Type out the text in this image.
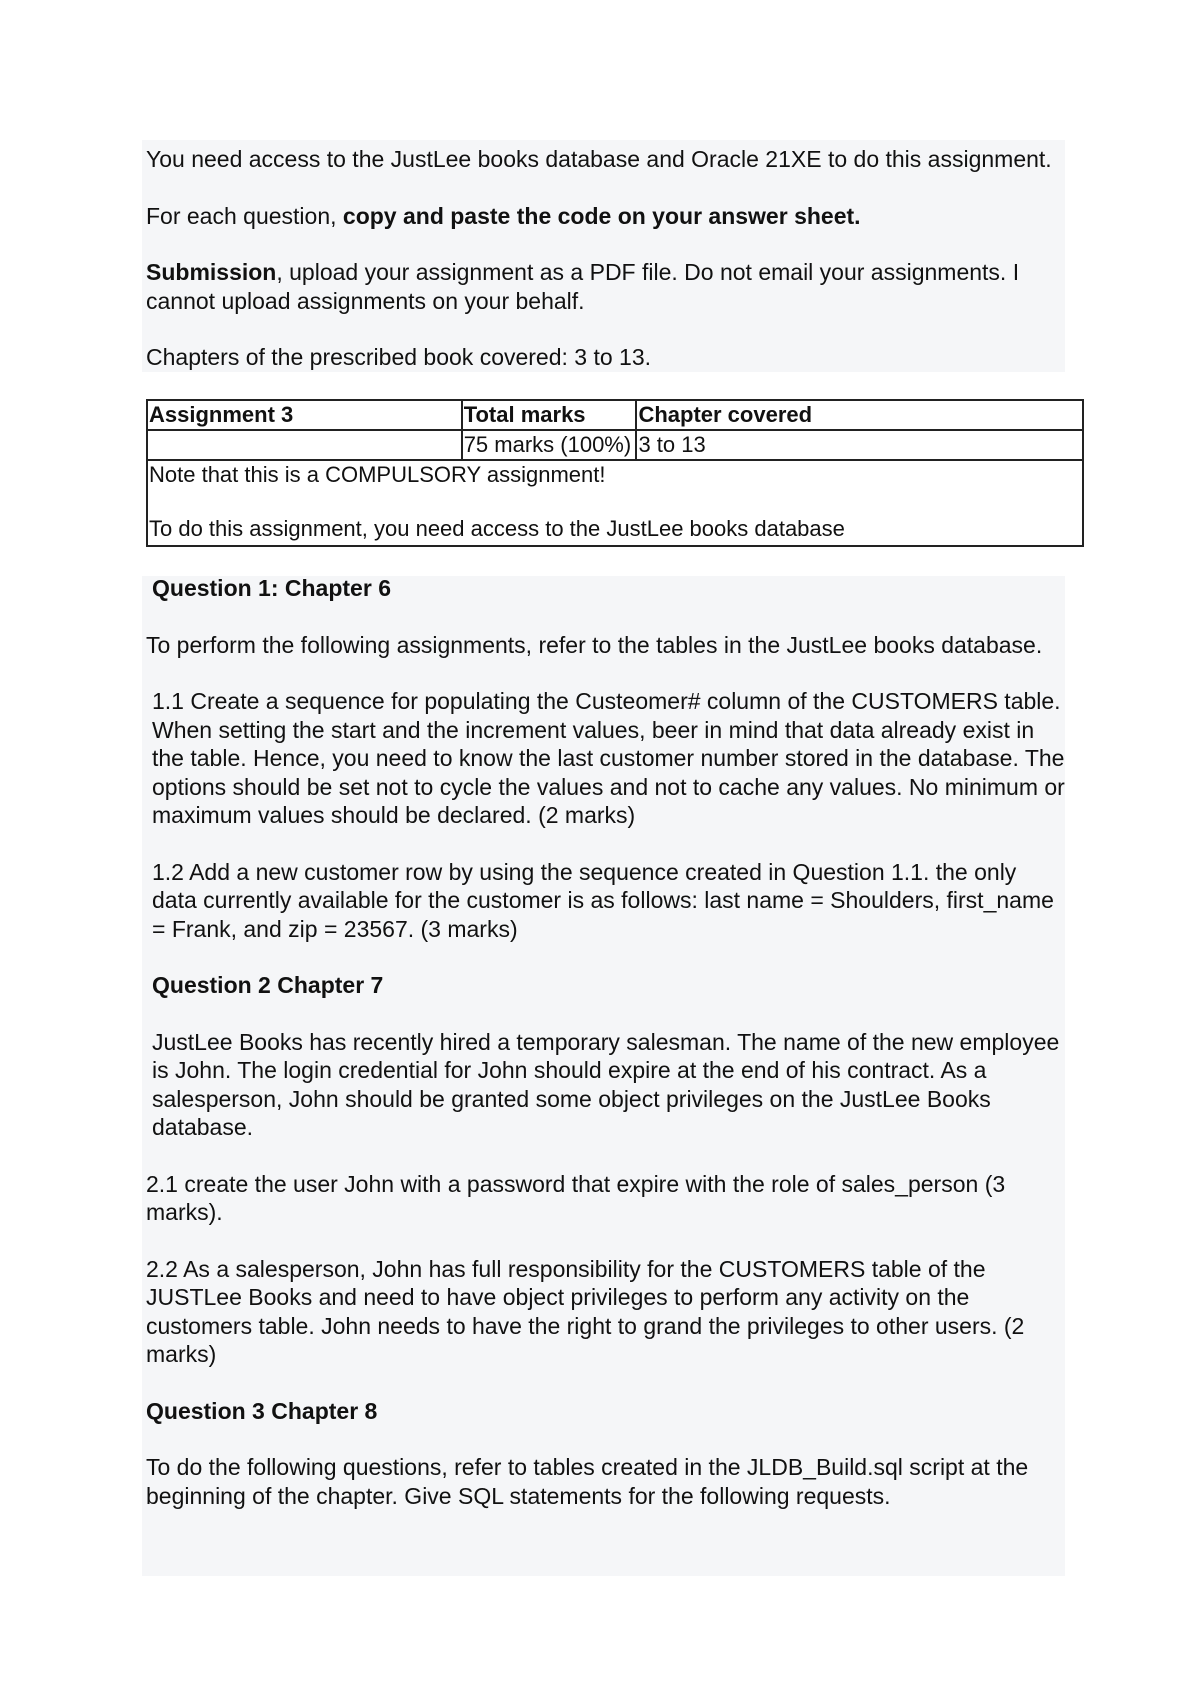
You need access to the JustLee books database and Oracle 21XE to do this assignment.

For each question, copy and paste the code on your answer sheet.

Submission, upload your assignment as a PDF file. Do not email your assignments. I cannot upload assignments on your behalf.

Chapters of the prescribed book covered: 3 to 13.

Assignment 3	Total marks	Chapter covered
	75 marks (100%)	3 to 13

Note that this is a COMPULSORY assignment!
To do this assignment, you need access to the JustLee books database		

Question 1: Chapter 6

To perform the following assignments, refer to the tables in the JustLee books database.

1.1 Create a sequence for populating the Custeomer# column of the CUSTOMERS table. When setting the start and the increment values, beer in mind that data already exist in the table. Hence, you need to know the last customer number stored in the database. The options should be set not to cycle the values and not to cache any values. No minimum or maximum values should be declared. (2 marks)

1.2 Add a new customer row by using the sequence created in Question 1.1. the only data currently available for the customer is as follows: last name = Shoulders, first_name = Frank, and zip = 23567. (3 marks)

Question 2 Chapter 7

JustLee Books has recently hired a temporary salesman. The name of the new employee is John. The login credential for John should expire at the end of his contract. As a salesperson, John should be granted some object privileges on the JustLee Books database.

2.1 create the user John with a password that expire with the role of sales_person (3 marks).

2.2 As a salesperson, John has full responsibility for the CUSTOMERS table of the JUSTLee Books and need to have object privileges to perform any activity on the customers table. John needs to have the right to grand the privileges to other users. (2 marks)

Question 3 Chapter 8

To do the following questions, refer to tables created in the JLDB_Build.sql script at the beginning of the chapter. Give SQL statements for the following requests.
